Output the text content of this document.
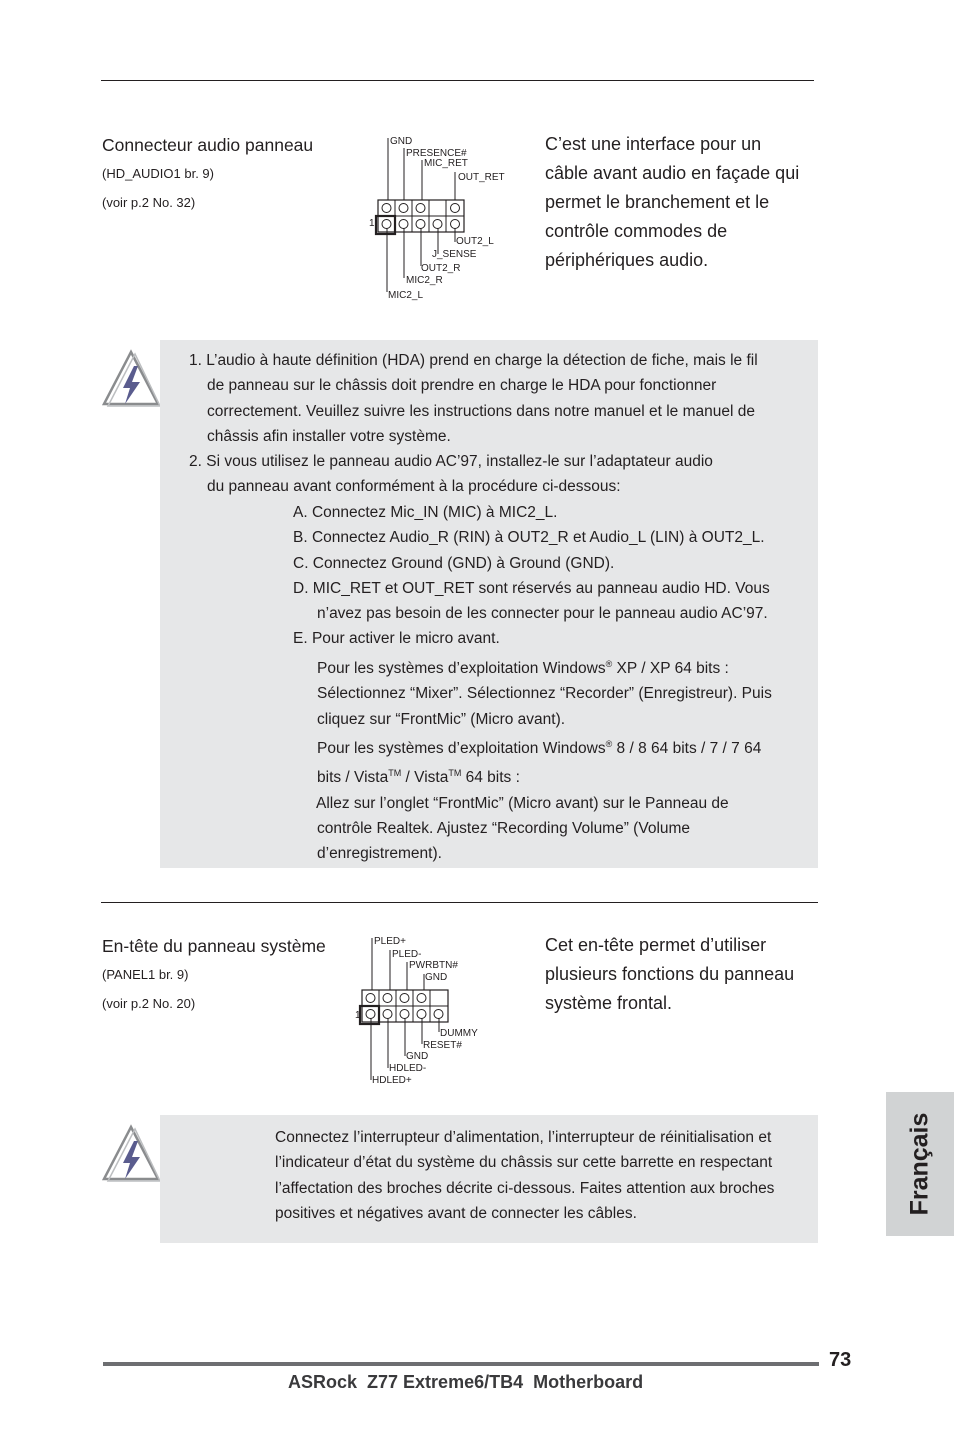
Connecteur audio panneau
(HD_AUDIO1 br. 9)
(voir p.2 No. 32)
GND
PRESENCE#
MIC_RET
OUT_RET
1
OUT2_L
J_SENSE
OUT2_R
MIC2_R
MIC2_L
C’est une interface pour un
câble avant audio en façade qui
permet le branchement et le
contrôle commodes de
périphériques audio.
1. L’audio à haute définition (HDA) prend en charge la détection de fiche, mais le fil
de panneau sur le châssis doit prendre en charge le HDA pour fonctionner
correctement. Veuillez suivre les instructions dans notre manuel et le manuel de
châssis afin installer votre système.
2. Si vous utilisez le panneau audio AC’97, installez-le sur l’adaptateur audio
du panneau avant conformément à la procédure ci-dessous:
A. Connectez Mic_IN (MIC) à MIC2_L.
B. Connectez Audio_R (RIN) à OUT2_R et Audio_L (LIN) à OUT2_L.
C. Connectez Ground (GND) à Ground (GND).
D. MIC_RET et OUT_RET sont réservés au panneau audio HD. Vous
n’avez pas besoin de les connecter pour le panneau audio AC’97.
E. Pour activer le micro avant.
Pour les systèmes d’exploitation Windows® XP / XP 64 bits :
Sélectionnez “Mixer”. Sélectionnez “Recorder” (Enregistreur). Puis
cliquez sur “FrontMic” (Micro avant).
Pour les systèmes d’exploitation Windows® 8 / 8 64 bits / 7 / 7 64
bits / Vista™ / Vista™ 64 bits :
Allez sur l’onglet “FrontMic” (Micro avant) sur le Panneau de
contrôle Realtek. Ajustez “Recording Volume” (Volume
d’enregistrement).
En-tête du panneau système
(PANEL1 br. 9)
(voir p.2 No. 20)
PLED+
PLED-
PWRBTN#
GND
1
DUMMY
RESET#
GND
HDLED-
HDLED+
Cet en-tête permet d’utiliser
plusieurs fonctions du panneau
système frontal.
Connectez l’interrupteur d’alimentation, l’interrupteur de réinitialisation et
l’indicateur d’état du système du châssis sur cette barrette en respectant
l’affectation des broches décrite ci-dessous. Faites attention aux broches
positives et négatives avant de connecter les câbles.	Français
73
ASRock  Z77 Extreme6/TB4  Motherboard
